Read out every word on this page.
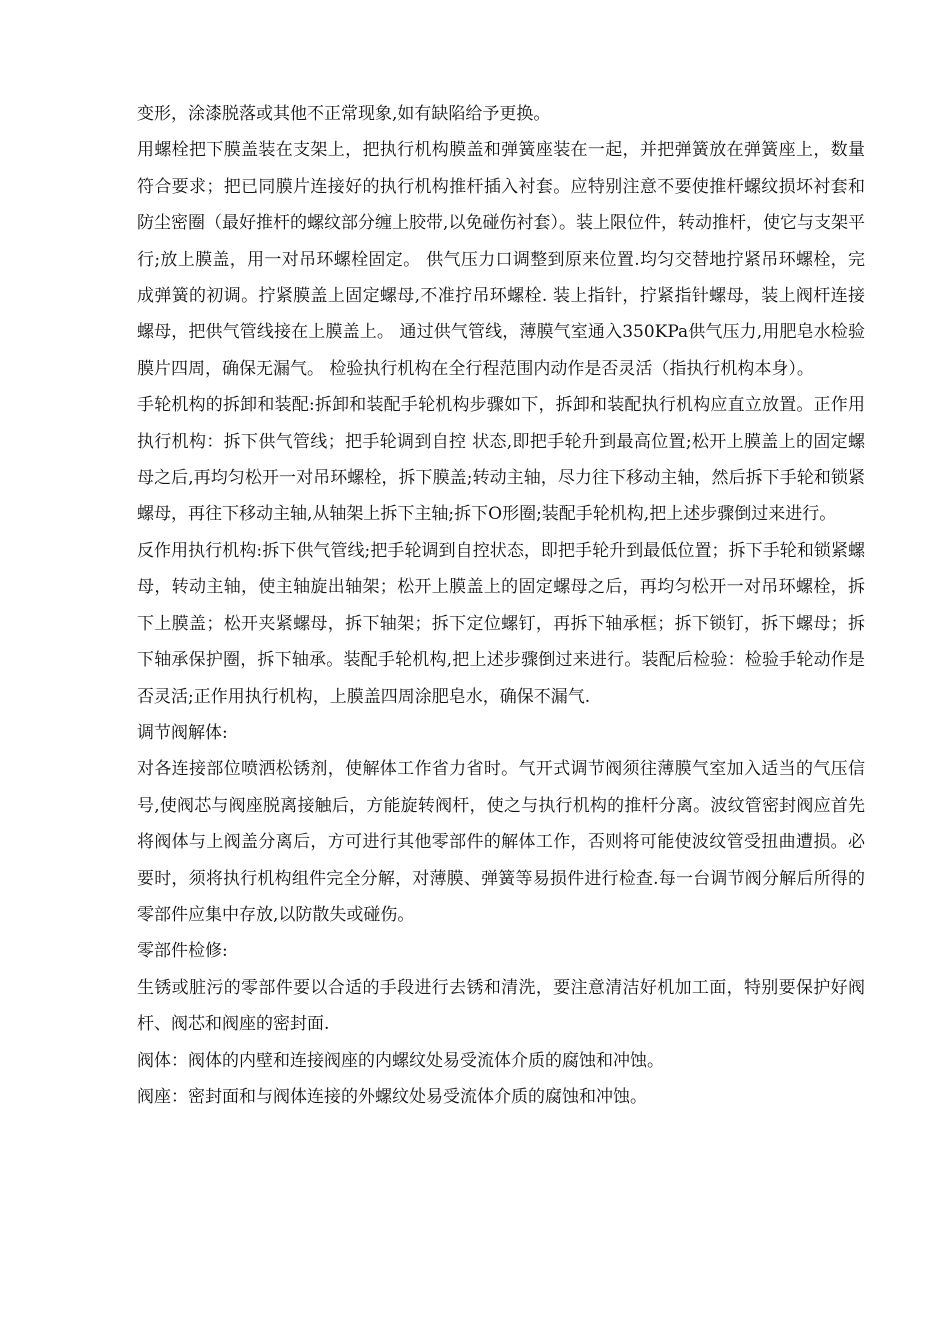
变形，涂漆脱落或其他不正常现象,如有缺陷给予更换。

用螺栓把下膜盖装在支架上，把执行机构膜盖和弹簧座装在一起，并把弹簧放在弹簧座上，数量符合要求；把已同膜片连接好的执行机构推杆插入衬套。应特别注意不要使推杆螺纹损坏衬套和防尘密圈（最好推杆的螺纹部分缠上胶带,以免碰伤衬套）。装上限位件，转动推杆，使它与支架平行;放上膜盖，用一对吊环螺栓固定。 供气压力口调整到原来位置.均匀交替地拧紧吊环螺栓，完成弹簧的初调。拧紧膜盖上固定螺母,不准拧吊环螺栓. 装上指针，拧紧指针螺母，装上阀杆连接螺母，把供气管线接在上膜盖上。 通过供气管线，薄膜气室通入350KPa供气压力,用肥皂水检验膜片四周，确保无漏气。 检验执行机构在全行程范围内动作是否灵活（指执行机构本身）。

手轮机构的拆卸和装配:拆卸和装配手轮机构步骤如下，拆卸和装配执行机构应直立放置。正作用执行机构：拆下供气管线；把手轮调到自控 状态,即把手轮升到最高位置;松开上膜盖上的固定螺母之后,再均匀松开一对吊环螺栓，拆下膜盖;转动主轴，尽力往下移动主轴，然后拆下手轮和锁紧螺母，再往下移动主轴,从轴架上拆下主轴;拆下O形圈;装配手轮机构,把上述步骤倒过来进行。

反作用执行机构:拆下供气管线;把手轮调到自控状态，即把手轮升到最低位置；拆下手轮和锁紧螺母，转动主轴，使主轴旋出轴架；松开上膜盖上的固定螺母之后，再均匀松开一对吊环螺栓，拆下上膜盖；松开夹紧螺母，拆下轴架；拆下定位螺钉，再拆下轴承框；拆下锁钉，拆下螺母；拆下轴承保护圈，拆下轴承。装配手轮机构,把上述步骤倒过来进行。装配后检验：检验手轮动作是否灵活;正作用执行机构，上膜盖四周涂肥皂水，确保不漏气.

调节阀解体:

对各连接部位喷洒松锈剂，使解体工作省力省时。气开式调节阀须往薄膜气室加入适当的气压信号,使阀芯与阀座脱离接触后，方能旋转阀杆，使之与执行机构的推杆分离。波纹管密封阀应首先将阀体与上阀盖分离后，方可进行其他零部件的解体工作，否则将可能使波纹管受扭曲遭损。必要时，须将执行机构组件完全分解，对薄膜、弹簧等易损件进行检查.每一台调节阀分解后所得的零部件应集中存放,以防散失或碰伤。

零部件检修:

生锈或脏污的零部件要以合适的手段进行去锈和清洗，要注意清洁好机加工面，特别要保护好阀杆、阀芯和阀座的密封面.

阀体：阀体的内壁和连接阀座的内螺纹处易受流体介质的腐蚀和冲蚀。

阀座：密封面和与阀体连接的外螺纹处易受流体介质的腐蚀和冲蚀。
